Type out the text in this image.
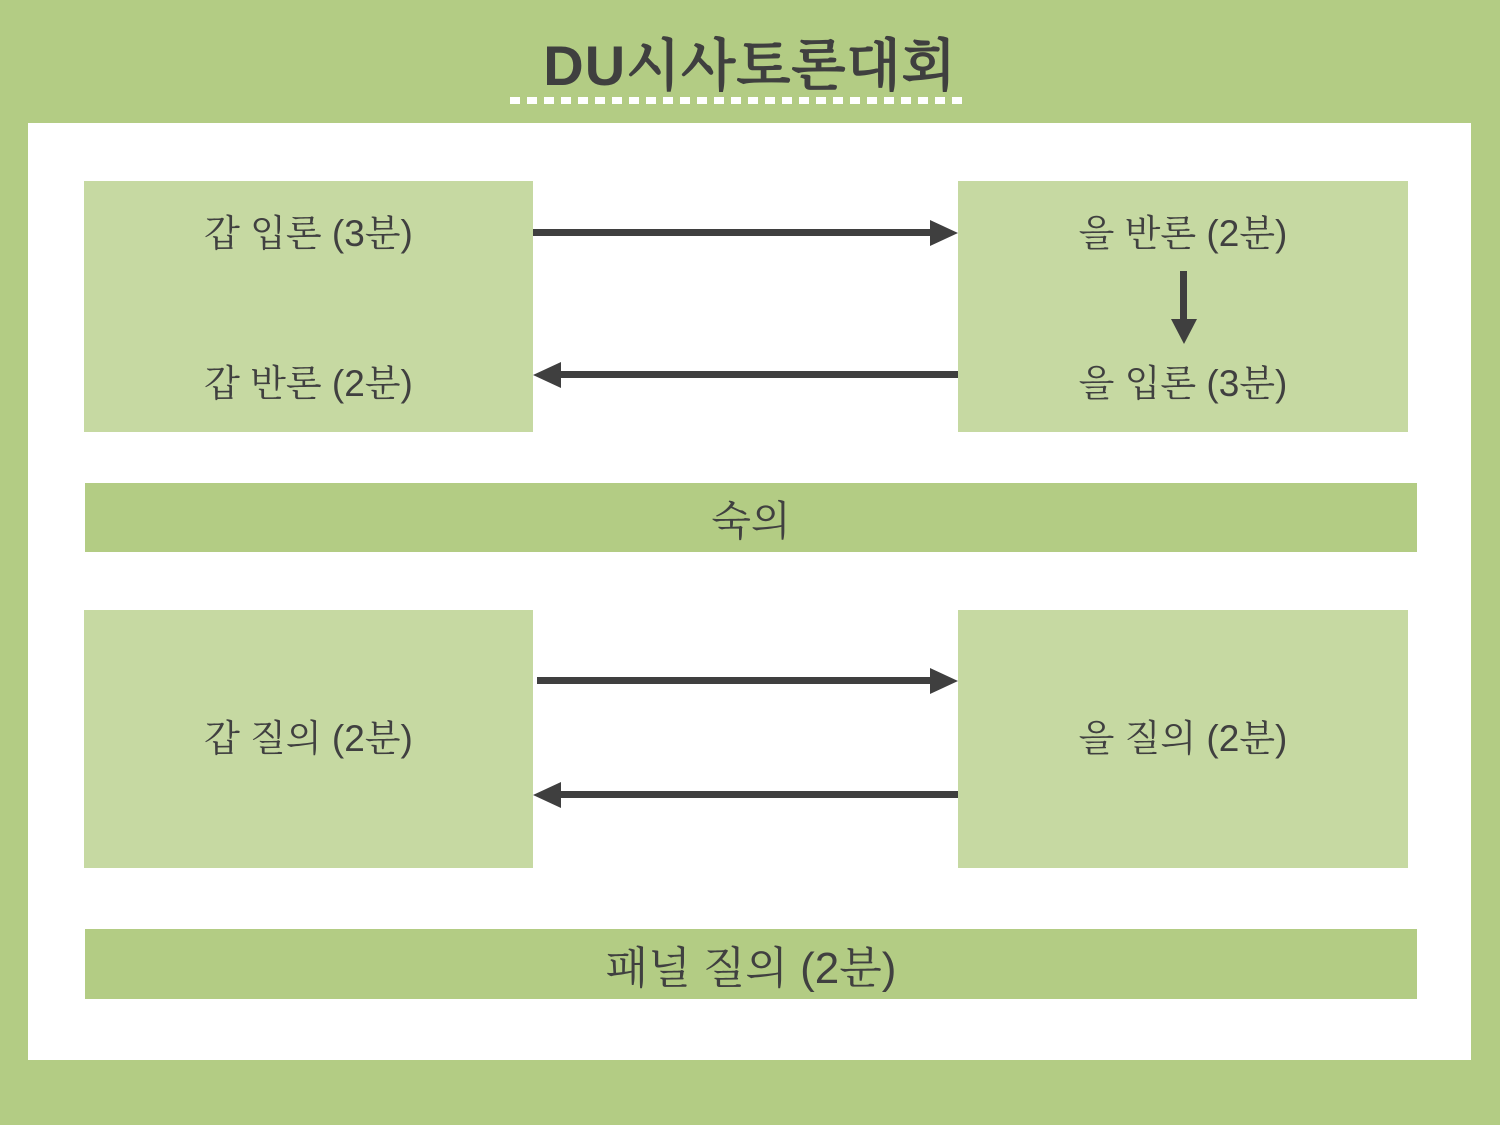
DU시사토론대회
갑 입론 (3분)
갑 반론 (2분)
을 반론 (2분)
을 입론 (3분)
숙의
갑 질의 (2분)	을 질의 (2분)
패널 질의 (2분)
